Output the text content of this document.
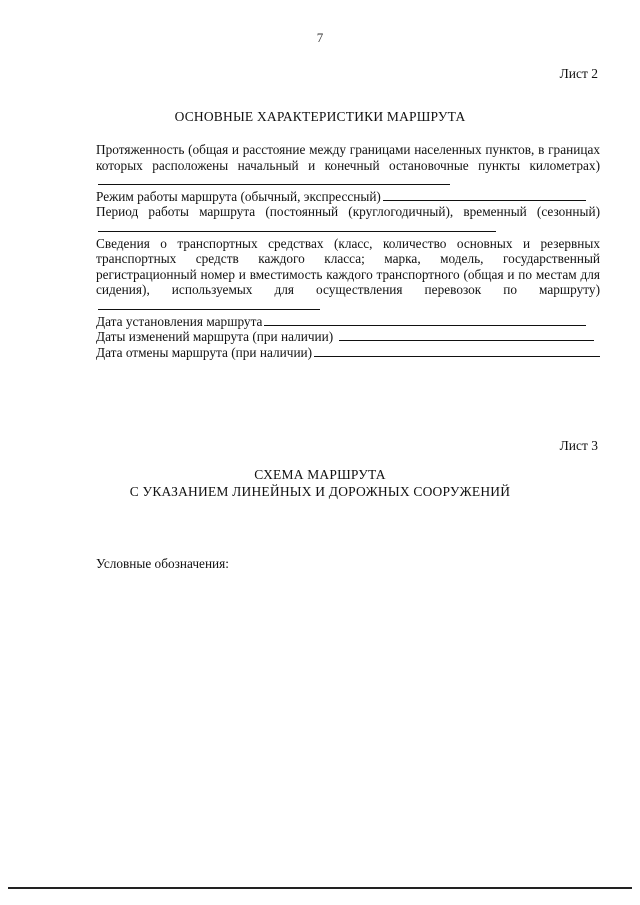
7
Лист 2
ОСНОВНЫЕ ХАРАКТЕРИСТИКИ МАРШРУТА

Протяженность (общая и расстояние между границами населенных пунктов, в границах которых расположены начальный и конечный остановочные пункты километрах)

Режим работы маршрута (обычный, экспрессный)

Период работы маршрута (постоянный (круглогодичный), временный (сезонный)

Сведения о транспортных средствах (класс, количество основных и резервных транспортных средств каждого класса; марка, модель, государственный регистрационный номер и вместимость каждого транспортного (общая и по местам для сидения), используемых для осуществления перевозок по маршруту)

Дата установления маршрута

Даты изменений маршрута (при наличии)

Дата отмены маршрута (при наличии)

Лист 3
СХЕМА МАРШРУТА
С УКАЗАНИЕМ ЛИНЕЙНЫХ И ДОРОЖНЫХ СООРУЖЕНИЙ
Условные обозначения:
